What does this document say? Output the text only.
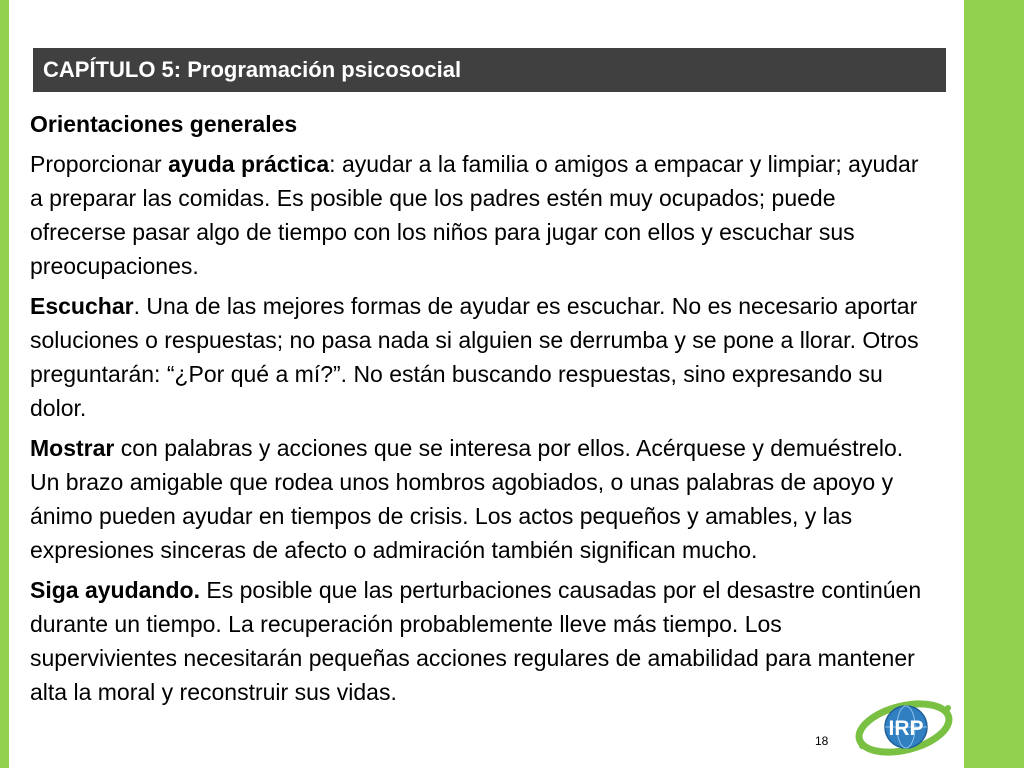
CAPÍTULO 5: Programación psicosocial
Orientaciones generales
Proporcionar ayuda práctica: ayudar a la familia o amigos a empacar y limpiar; ayudar a preparar las comidas. Es posible que los padres estén muy ocupados; puede ofrecerse pasar algo de tiempo con los niños para jugar con ellos y escuchar sus preocupaciones.
Escuchar. Una de las mejores formas de ayudar es escuchar. No es necesario aportar soluciones o respuestas; no pasa nada si alguien se derrumba y se pone a llorar. Otros preguntarán: “¿Por qué a mí?”. No están buscando respuestas, sino expresando su dolor.
Mostrar con palabras y acciones que se interesa por ellos. Acérquese y demuéstrelo. Un brazo amigable que rodea unos hombros agobiados, o unas palabras de apoyo y ánimo pueden ayudar en tiempos de crisis. Los actos pequeños y amables, y las expresiones sinceras de afecto o admiración también significan mucho.
Siga ayudando. Es posible que las perturbaciones causadas por el desastre continúen durante un tiempo. La recuperación probablemente lleve más tiempo. Los supervivientes necesitarán pequeñas acciones regulares de amabilidad para mantener alta la moral y reconstruir sus vidas.
18
IRP
